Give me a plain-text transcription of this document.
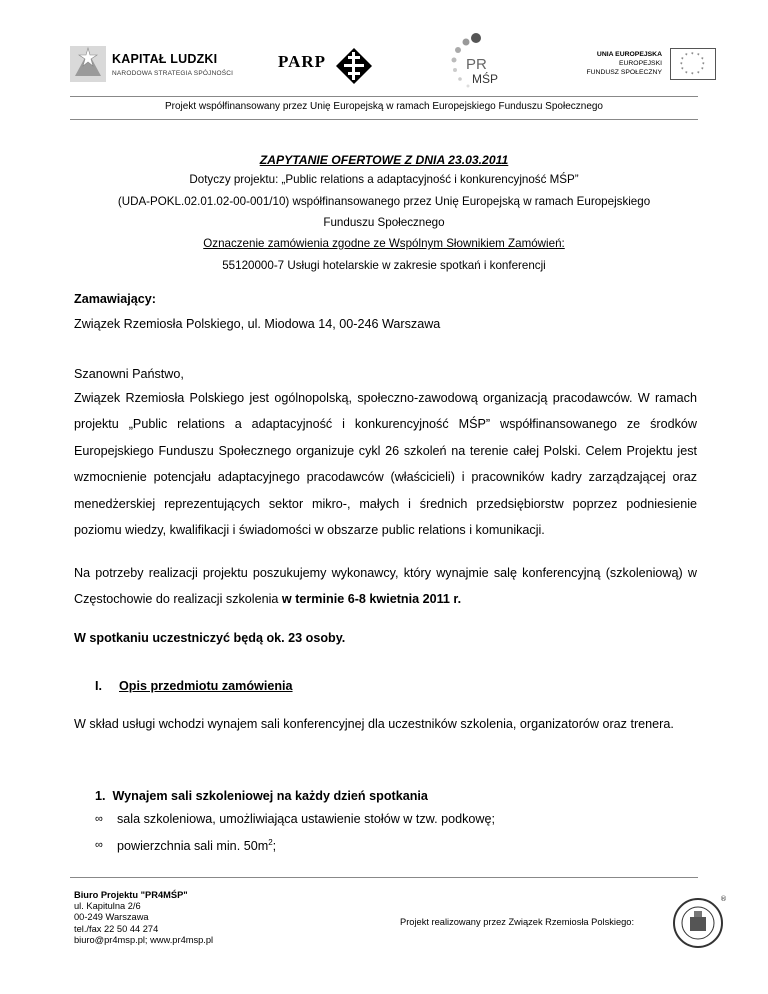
KAPITAŁ LUDZKI
NARODOWA STRATEGIA SPÓJNOŚCI
PARP	PR
MŚP
UNIA EUROPEJSKA
EUROPEJSKI
FUNDUSZ SPOŁECZNY
* *
*
*
*
*
*
*
*
*
*
*
Projekt współfinansowany przez Unię Europejską w ramach Europejskiego Funduszu Społecznego
ZAPYTANIE OFERTOWE Z DNIA 23.03.2011
Dotyczy projektu: „Public relations a adaptacyjność i konkurencyjność MŚP”
(UDA-POKL.02.01.02-00-001/10) współfinansowanego przez Unię Europejską w ramach Europejskiego
Funduszu Społecznego
Oznaczenie zamówienia zgodne ze Wspólnym Słownikiem Zamówień:
55120000-7 Usługi hotelarskie w zakresie spotkań i konferencji
Zamawiający:
Związek Rzemiosła Polskiego, ul. Miodowa 14, 00-246 Warszawa
Szanowni Państwo,
Związek Rzemiosła Polskiego jest ogólnopolską, społeczno-zawodową organizacją pracodawców. W ramach projektu „Public relations a adaptacyjność i konkurencyjność MŚP” współfinansowanego ze środków Europejskiego Funduszu Społecznego organizuje cykl 26 szkoleń na terenie całej Polski. Celem Projektu jest wzmocnienie potencjału adaptacyjnego pracodawców (właścicieli) i pracowników kadry zarządzającej oraz menedżerskiej reprezentujących sektor mikro-, małych i średnich przedsiębiorstw poprzez podniesienie poziomu wiedzy, kwalifikacji i świadomości w obszarze public relations i komunikacji.
Na potrzeby realizacji projektu poszukujemy wykonawcy, który wynajmie salę konferencyjną (szkoleniową) w Częstochowie do realizacji szkolenia w terminie 6-8 kwietnia 2011 r.
W spotkaniu uczestniczyć będą ok. 23 osoby.
I. Opis przedmiotu zamówienia
W skład usługi wchodzi wynajem sali konferencyjnej dla uczestników szkolenia, organizatorów oraz trenera.
1.  Wynajem sali szkoleniowej na każdy dzień spotkania
∞ sala szkoleniowa, umożliwiająca ustawienie stołów w tzw. podkowę;
∞ powierzchnia sali min. $50m^2$;
Biuro Projektu "PR4MŚP"
ul. Kapitulna 2/6
00-249 Warszawa
tel./fax 22 50 44 274
biuro@pr4msp.pl; www.pr4msp.pl
Projekt realizowany przez Związek Rzemiosła Polskiego:
®
